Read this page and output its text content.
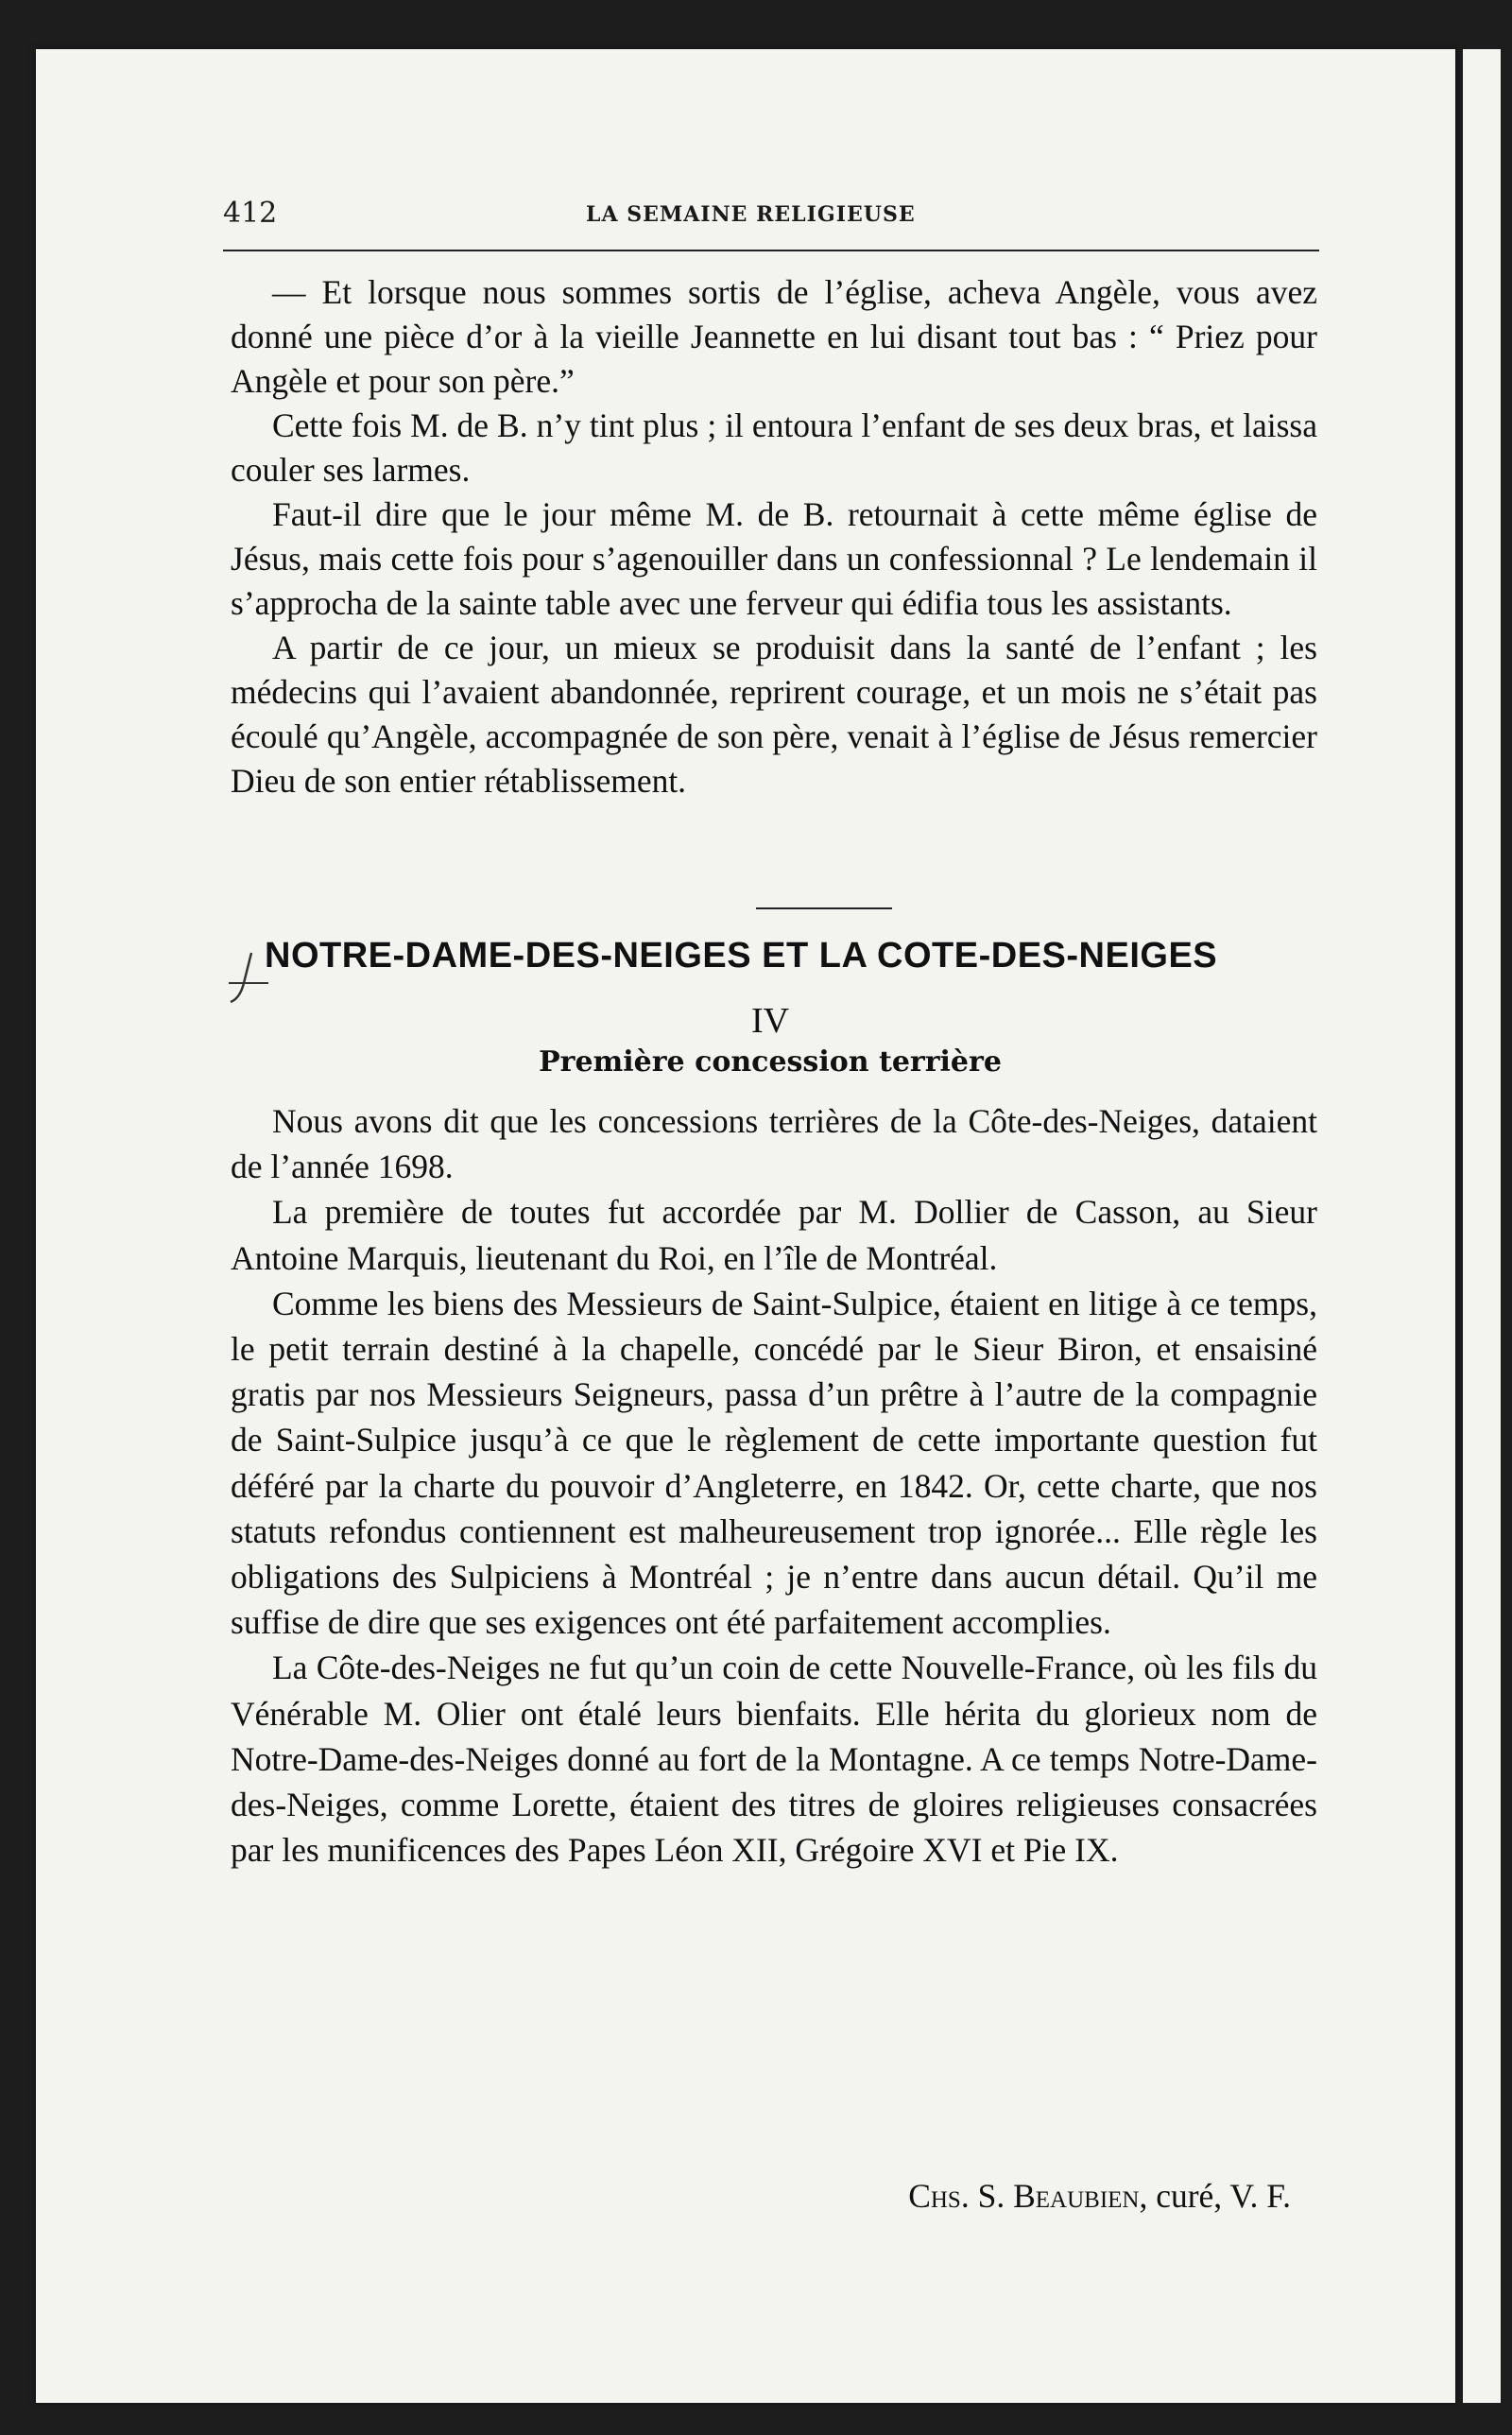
412	LA SEMAINE RELIGIEUSE

— Et lorsque nous sommes sortis de l’église, acheva Angèle, vous avez donné une pièce d’or à la vieille Jeannette en lui disant tout bas : “ Priez pour Angèle et pour son père.”

Cette fois M. de B. n’y tint plus ; il entoura l’enfant de ses deux bras, et laissa couler ses larmes.

Faut-il dire que le jour même M. de B. retournait à cette même église de Jésus, mais cette fois pour s’agenouiller dans un confessionnal ? Le lendemain il s’approcha de la sainte table avec une ferveur qui édifia tous les assistants.

A partir de ce jour, un mieux se produisit dans la santé de l’enfant ; les médecins qui l’avaient abandonnée, reprirent courage, et un mois ne s’était pas écoulé qu’Angèle, accompagnée de son père, venait à l’église de Jésus remercier Dieu de son entier rétablissement.

NOTRE-DAME-DES-NEIGES ET LA COTE-DES-NEIGES
IV
Première concession terrière

Nous avons dit que les concessions terrières de la Côte-des-Neiges, dataient de l’année 1698.

La première de toutes fut accordée par M. Dollier de Casson, au Sieur Antoine Marquis, lieutenant du Roi, en l’île de Montréal.

Comme les biens des Messieurs de Saint-Sulpice, étaient en litige à ce temps, le petit terrain destiné à la chapelle, concédé par le Sieur Biron, et ensaisiné gratis par nos Messieurs Seigneurs, passa d’un prêtre à l’autre de la compagnie de Saint-Sulpice jusqu’à ce que le règlement de cette importante question fut déféré par la charte du pouvoir d’Angleterre, en 1842. Or, cette charte, que nos statuts refondus contiennent est malheureusement trop ignorée... Elle règle les obligations des Sulpiciens à Montréal ; je n’entre dans aucun détail. Qu’il me suffise de dire que ses exigences ont été parfaitement accomplies.

La Côte-des-Neiges ne fut qu’un coin de cette Nouvelle-France, où les fils du Vénérable M. Olier ont étalé leurs bienfaits. Elle hérita du glorieux nom de Notre-Dame-des-Neiges donné au fort de la Montagne. A ce temps Notre-Dame-des-Neiges, comme Lorette, étaient des titres de gloires religieuses consacrées par les munificences des Papes Léon XII, Grégoire XVI et Pie IX.

Chs. S. Beaubien, curé, V. F.
